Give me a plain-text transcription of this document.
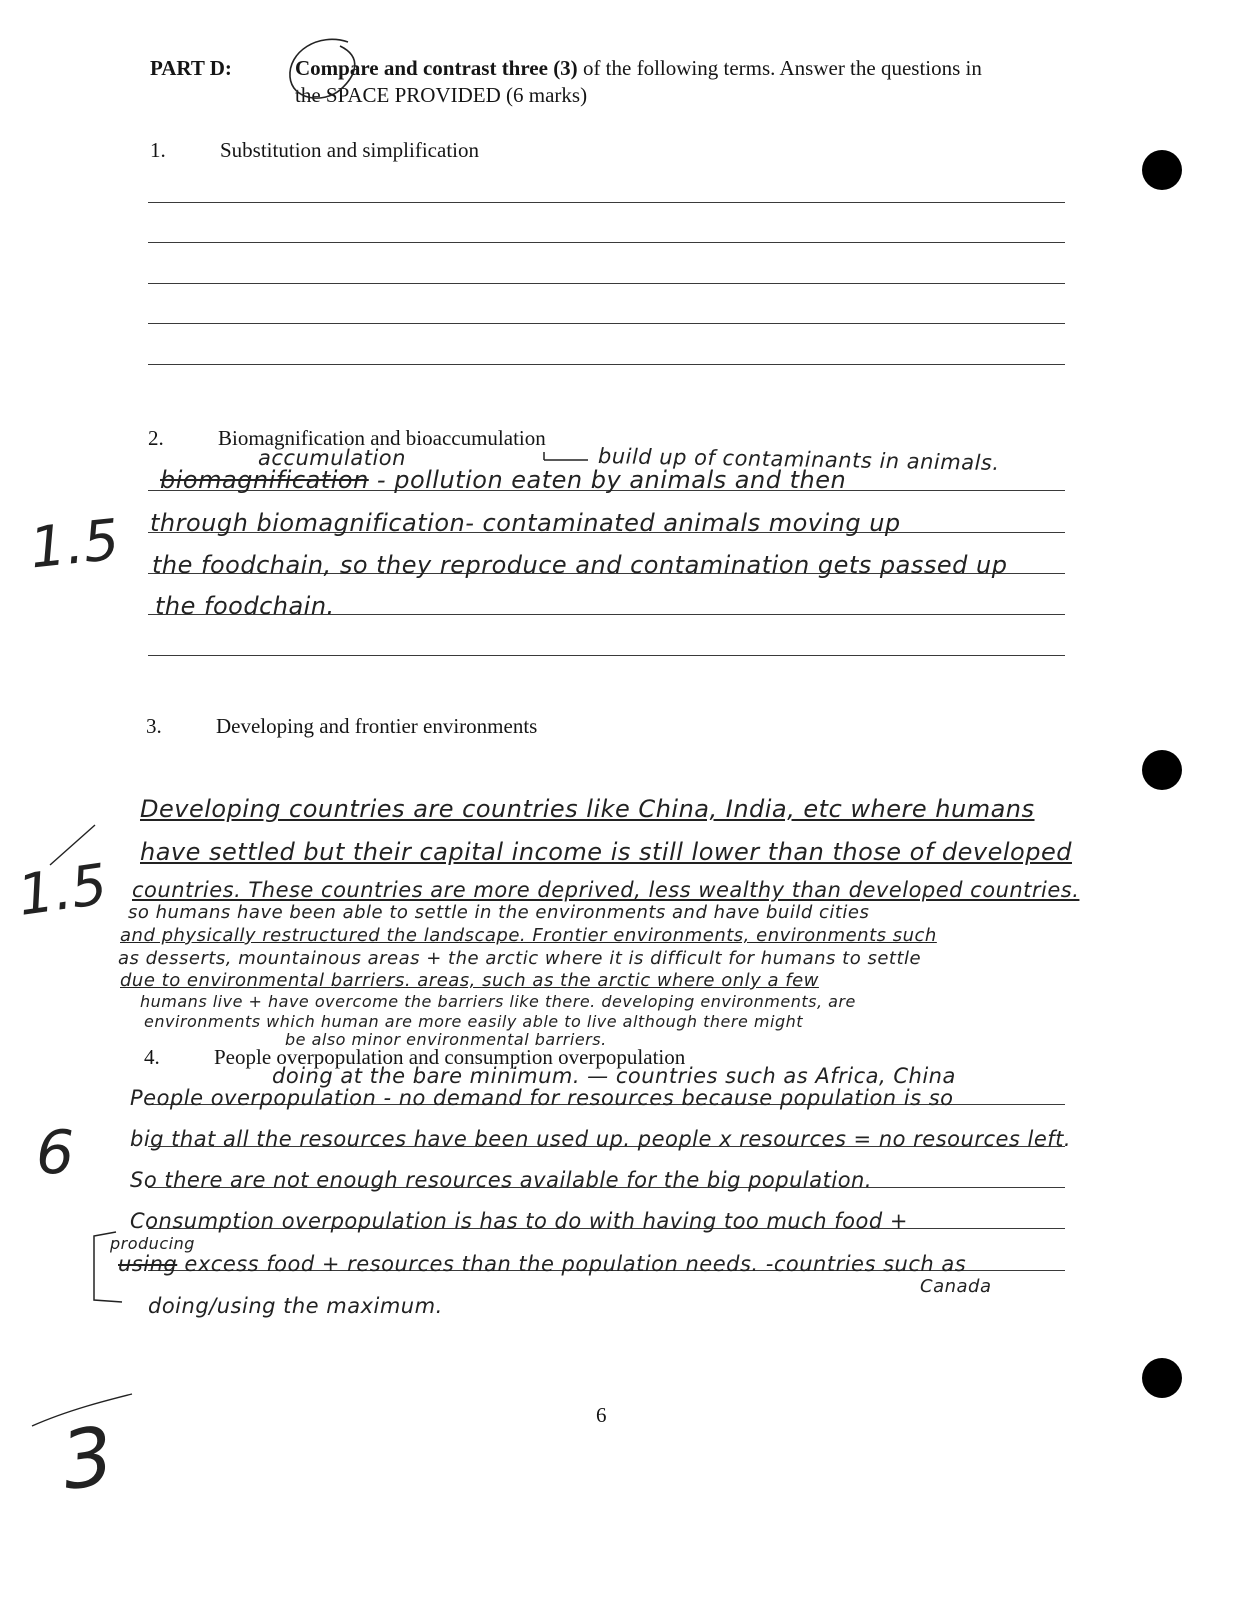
PART D:	Compare and contrast three (3) of the following terms. Answer the questions in
the SPACE PROVIDED (6 marks)
1.	Substitution and simplification
2.	Biomagnification and bioaccumulation
accumulation	build up of contaminants in animals.
biomagnification - pollution eaten by animals and then
through biomagnification- contaminated animals moving up
the foodchain, so they reproduce and contamination gets passed up
the foodchain.
1.5
3.	Developing and frontier environments
Developing countries are countries like China, India, etc where humans
have settled but their capital income is still lower than those of developed
countries. These countries are more deprived, less wealthy than developed countries.
so humans have been able to settle in the environments and have build cities
and physically restructured the landscape. Frontier environments, environments such
as desserts, mountainous areas + the arctic where it is difficult for humans to settle
due to environmental barriers. areas, such as the arctic where only a few
humans live + have overcome the barriers like there. developing environments, are
environments which human are more easily able to live although there might
be also minor environmental barriers.
1.5
4.	People overpopulation and consumption overpopulation
doing at the bare minimum. — countries such as Africa, China
People overpopulation - no demand for resources because population is so
big that all the resources have been used up. people x resources = no resources left.
So there are not enough resources available for the big population.
Consumption overpopulation is has to do with having too much food +
producing
using excess food + resources than the population needs. -countries such as
Canada
doing/using the maximum.
6
3	6
